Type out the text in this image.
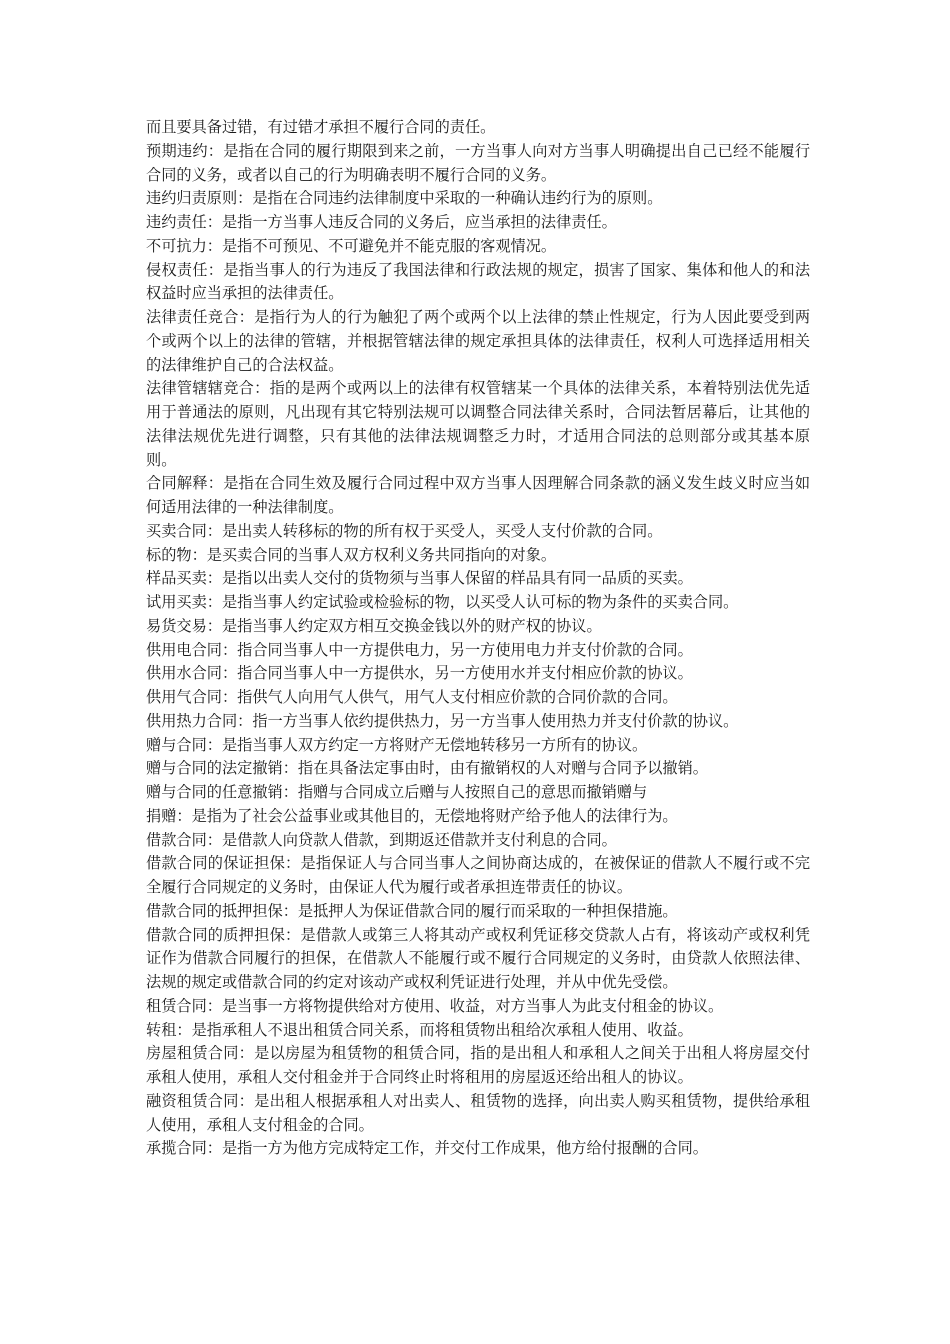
而且要具备过错，有过错才承担不履行合同的责任。

预期违约：是指在合同的履行期限到来之前，一方当事人向对方当事人明确提出自己已经不能履行合同的义务，或者以自己的行为明确表明不履行合同的义务。

违约归责原则：是指在合同违约法律制度中采取的一种确认违约行为的原则。

违约责任：是指一方当事人违反合同的义务后，应当承担的法律责任。

不可抗力：是指不可预见、不可避免并不能克服的客观情况。

侵权责任：是指当事人的行为违反了我国法律和行政法规的规定，损害了国家、集体和他人的和法权益时应当承担的法律责任。

法律责任竞合：是指行为人的行为触犯了两个或两个以上法律的禁止性规定，行为人因此要受到两个或两个以上的法律的管辖，并根据管辖法律的规定承担具体的法律责任，权利人可选择适用相关的法律维护自己的合法权益。

法律管辖辖竞合：指的是两个或两以上的法律有权管辖某一个具体的法律关系，本着特别法优先适用于普通法的原则，凡出现有其它特别法规可以调整合同法律关系时，合同法暂居幕后，让其他的法律法规优先进行调整，只有其他的法律法规调整乏力时，才适用合同法的总则部分或其基本原则。

合同解释：是指在合同生效及履行合同过程中双方当事人因理解合同条款的涵义发生歧义时应当如何适用法律的一种法律制度。

买卖合同：是出卖人转移标的物的所有权于买受人，买受人支付价款的合同。

标的物：是买卖合同的当事人双方权利义务共同指向的对象。

样品买卖：是指以出卖人交付的货物须与当事人保留的样品具有同一品质的买卖。

试用买卖：是指当事人约定试验或检验标的物，以买受人认可标的物为条件的买卖合同。

易货交易：是指当事人约定双方相互交换金钱以外的财产权的协议。

供用电合同：指合同当事人中一方提供电力，另一方使用电力并支付价款的合同。

供用水合同：指合同当事人中一方提供水，另一方使用水并支付相应价款的协议。

供用气合同：指供气人向用气人供气，用气人支付相应价款的合同价款的合同。

供用热力合同：指一方当事人依约提供热力，另一方当事人使用热力并支付价款的协议。

赠与合同：是指当事人双方约定一方将财产无偿地转移另一方所有的协议。

赠与合同的法定撤销：指在具备法定事由时，由有撤销权的人对赠与合同予以撤销。

赠与合同的任意撤销：指赠与合同成立后赠与人按照自己的意思而撤销赠与

捐赠：是指为了社会公益事业或其他目的，无偿地将财产给予他人的法律行为。

借款合同：是借款人向贷款人借款，到期返还借款并支付利息的合同。

借款合同的保证担保：是指保证人与合同当事人之间协商达成的，在被保证的借款人不履行或不完全履行合同规定的义务时，由保证人代为履行或者承担连带责任的协议。

借款合同的抵押担保：是抵押人为保证借款合同的履行而采取的一种担保措施。

借款合同的质押担保：是借款人或第三人将其动产或权利凭证移交贷款人占有，将该动产或权利凭证作为借款合同履行的担保，在借款人不能履行或不履行合同规定的义务时，由贷款人依照法律、法规的规定或借款合同的约定对该动产或权利凭证进行处理，并从中优先受偿。

租赁合同：是当事一方将物提供给对方使用、收益，对方当事人为此支付租金的协议。

转租：是指承租人不退出租赁合同关系，而将租赁物出租给次承租人使用、收益。

房屋租赁合同：是以房屋为租赁物的租赁合同，指的是出租人和承租人之间关于出租人将房屋交付承租人使用，承租人交付租金并于合同终止时将租用的房屋返还给出租人的协议。

融资租赁合同：是出租人根据承租人对出卖人、租赁物的选择，向出卖人购买租赁物，提供给承租人使用，承租人支付租金的合同。

承揽合同：是指一方为他方完成特定工作，并交付工作成果，他方给付报酬的合同。
